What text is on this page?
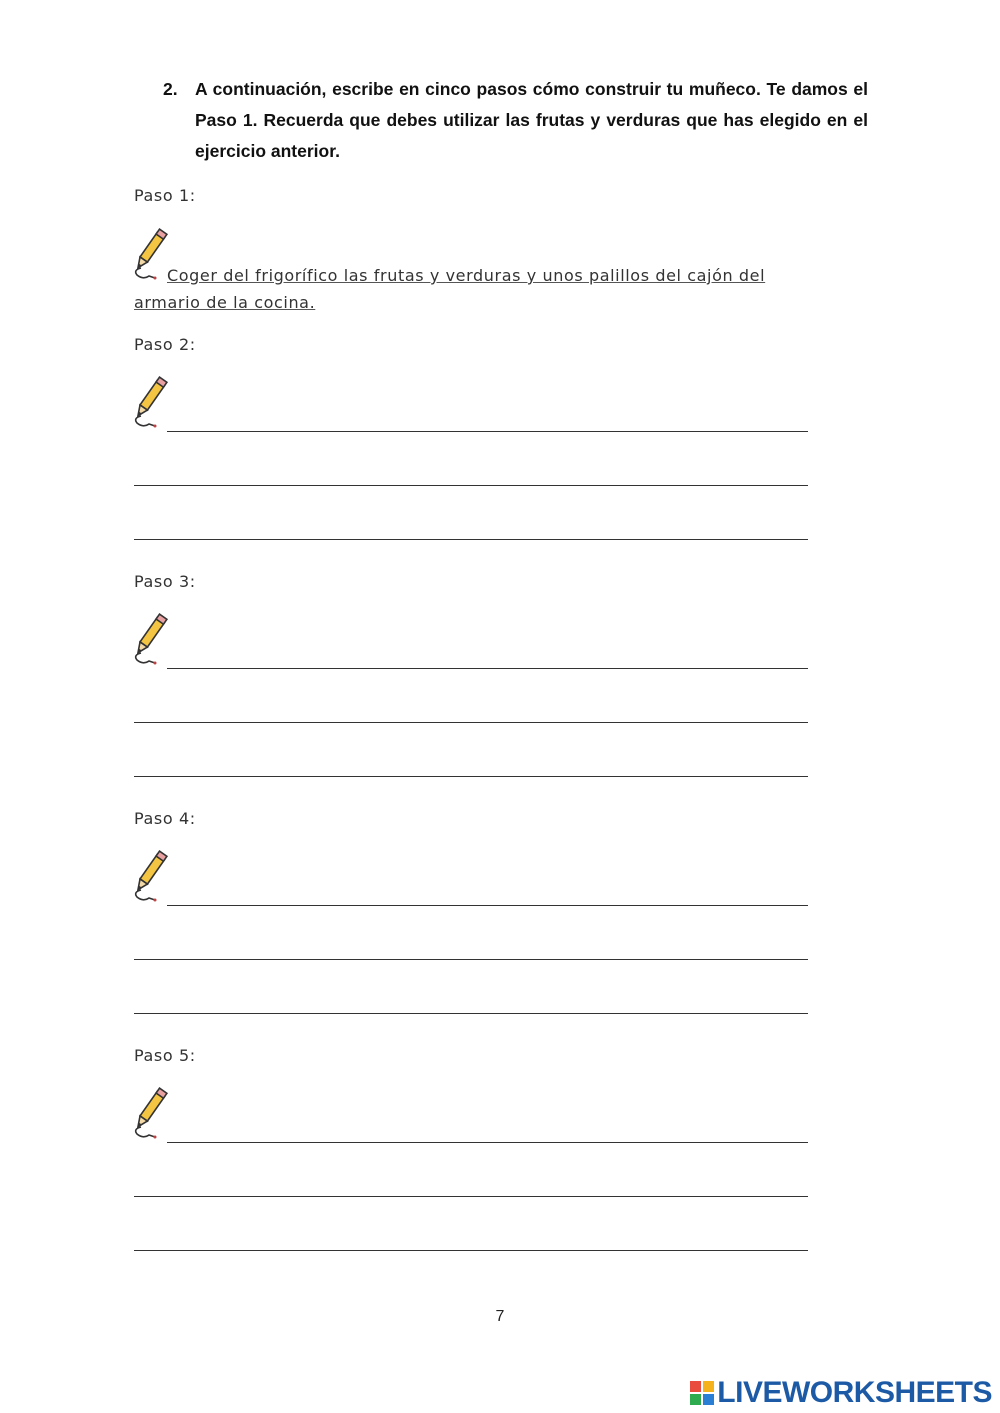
2. A continuación, escribe en cinco pasos cómo construir tu muñeco. Te damos el Paso 1. Recuerda que debes utilizar las frutas y verduras que has elegido en el ejercicio anterior.
Paso 1:
Coger del frigorífico las frutas y verduras y unos palillos del cajón del
armario de la cocina.
Paso 2:
Paso 3:
Paso 4:
Paso 5:
7
LIVEWORKSHEETS
